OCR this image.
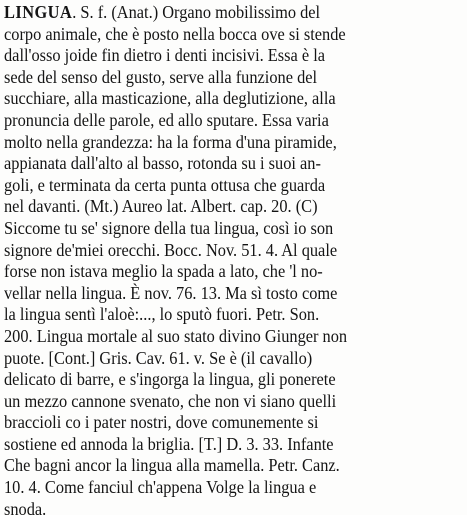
LINGUA. S. f. (Anat.) Organo mobilissimo del
corpo animale, che è posto nella bocca ove si stende
dall'osso joide fin dietro i denti incisivi. Essa è la
sede del senso del gusto, serve alla funzione del
succhiare, alla masticazione, alla deglutizione, alla
pronuncia delle parole, ed allo sputare. Essa varia
molto nella grandezza: ha la forma d'una piramide,
appianata dall'alto al basso, rotonda su i suoi an-
goli, e terminata da certa punta ottusa che guarda
nel davanti. (Mt.) Aureo lat. Albert. cap. 20. (C)
Siccome tu se' signore della tua lingua, così io son
signore de'miei orecchi. Bocc. Nov. 51. 4. Al quale
forse non istava meglio la spada a lato, che 'l no-
vellar nella lingua. È nov. 76. 13. Ma sì tosto come
la lingua sentì l'aloè:..., lo sputò fuori. Petr. Son.
200. Lingua mortale al suo stato divino Giunger non
puote. [Cont.] Gris. Cav. 61. v. Se è (il cavallo)
delicato di barre, e s'ingorga la lingua, gli ponerete
un mezzo cannone svenato, che non vi siano quelli
braccioli co i pater nostri, dove comunemente si
sostiene ed annoda la briglia. [T.] D. 3. 33. Infante
Che bagni ancor la lingua alla mamella. Petr. Canz.
10. 4. Come fanciul ch'appena Volge la lingua e
snoda.
